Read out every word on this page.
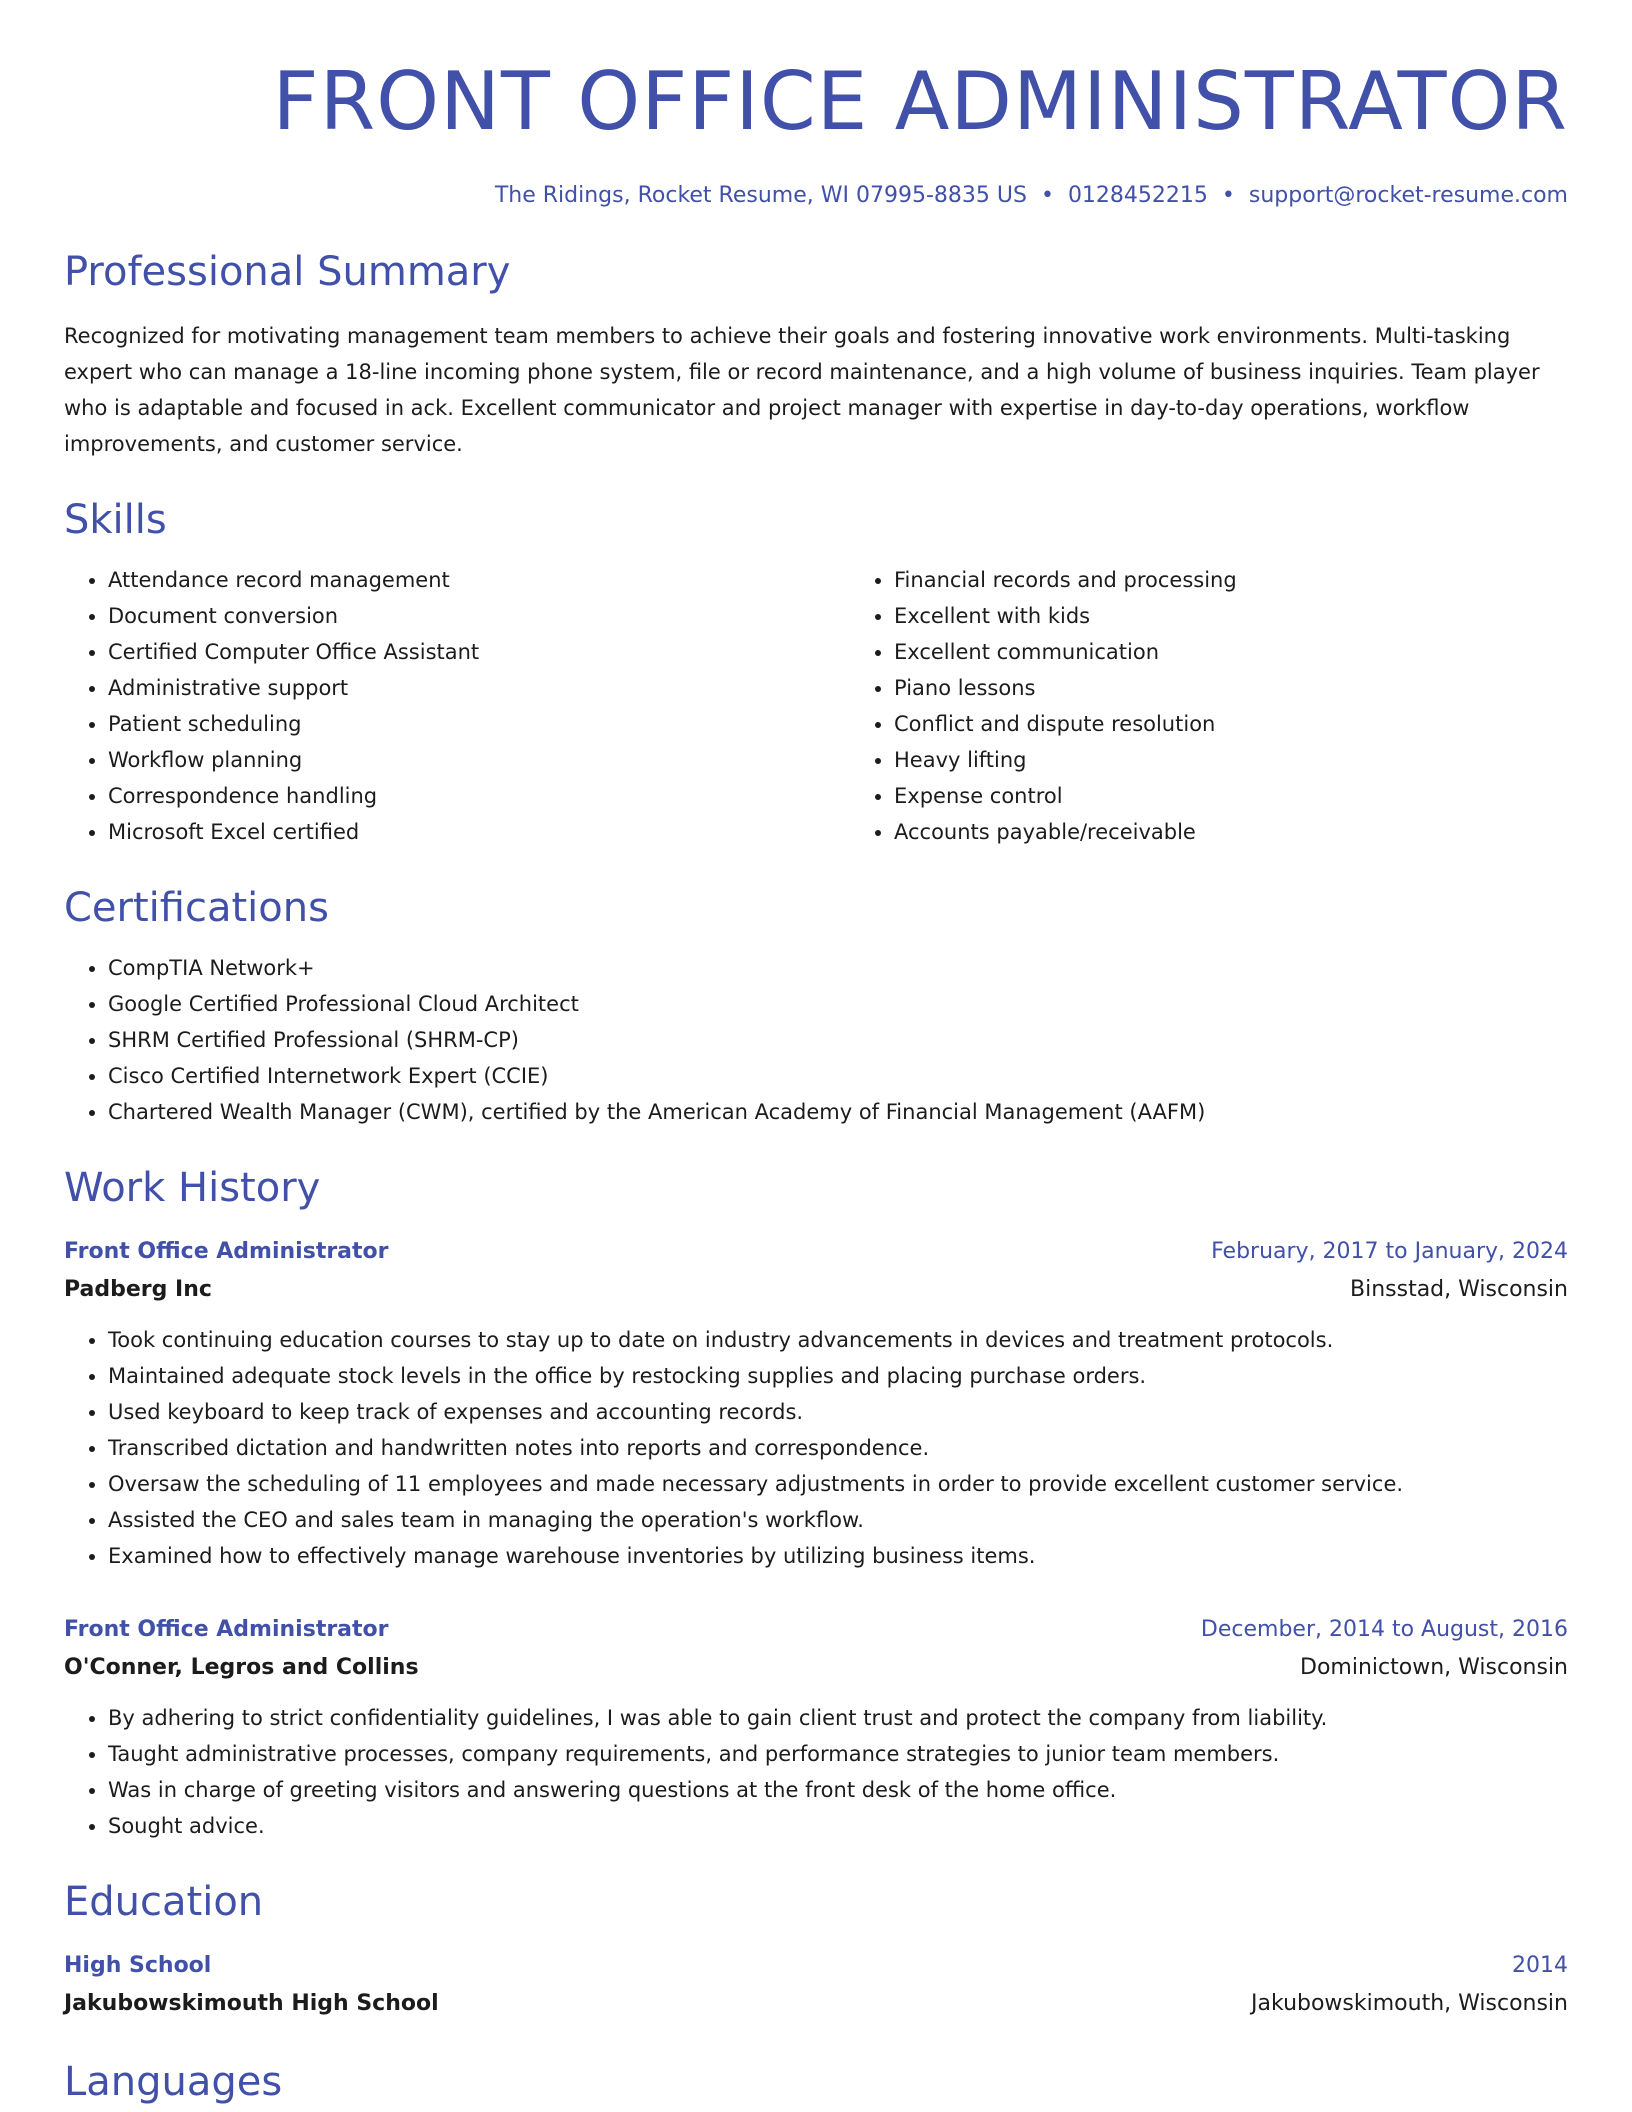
FRONT OFFICE ADMINISTRATOR
The Ridings, Rocket Resume, WI 07995-8835 US • 0128452215 • support@rocket-resume.com
Professional Summary

Recognized for motivating management team members to achieve their goals and fostering innovative work environments. Multi-tasking expert who can manage a 18-line incoming phone system, file or record maintenance, and a high volume of business inquiries. Team player who is adaptable and focused in ack. Excellent communicator and project manager with expertise in day-to-day operations, workflow improvements, and customer service.

Skills
• Attendance record management
• Document conversion
• Certified Computer Office Assistant
• Administrative support
• Patient scheduling
• Workflow planning
• Correspondence handling
• Microsoft Excel certified
• Financial records and processing
• Excellent with kids
• Excellent communication
• Piano lessons
• Conflict and dispute resolution
• Heavy lifting
• Expense control
• Accounts payable/receivable
Certifications
• CompTIA Network+
• Google Certified Professional Cloud Architect
• SHRM Certified Professional (SHRM-CP)
• Cisco Certified Internetwork Expert (CCIE)
• Chartered Wealth Manager (CWM), certified by the American Academy of Financial Management (AAFM)
Work History
Front Office Administrator	February, 2017 to January, 2024
Padberg Inc	Binsstad, Wisconsin
• Took continuing education courses to stay up to date on industry advancements in devices and treatment protocols.
• Maintained adequate stock levels in the office by restocking supplies and placing purchase orders.
• Used keyboard to keep track of expenses and accounting records.
• Transcribed dictation and handwritten notes into reports and correspondence.
• Oversaw the scheduling of 11 employees and made necessary adjustments in order to provide excellent customer service.
• Assisted the CEO and sales team in managing the operation's workflow.
• Examined how to effectively manage warehouse inventories by utilizing business items.
Front Office Administrator	December, 2014 to August, 2016
O'Conner, Legros and Collins	Dominictown, Wisconsin
• By adhering to strict confidentiality guidelines, I was able to gain client trust and protect the company from liability.
• Taught administrative processes, company requirements, and performance strategies to junior team members.
• Was in charge of greeting visitors and answering questions at the front desk of the home office.
• Sought advice.
Education
High School	2014
Jakubowskimouth High School	Jakubowskimouth, Wisconsin
Languages
